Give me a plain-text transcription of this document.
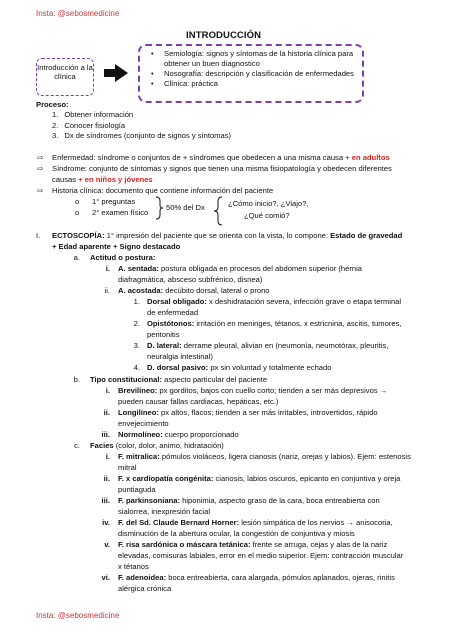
Insta: @sebosmedicine
Insta: @sebosmedicine
INTRODUCCIÓN
Introducción a la clínica
• Semiología: signos y síntomas de la historia clínica para obtener un buen diagnostico
• Nosografía: descripción y clasificación de enfermedades
• Clínica: práctica
Proceso:
1. Obtener información
2. Conocer fisiología
3. Dx de síndromes (conjunto de signos y síntomas)
⇨ Enfermedad: síndrome o conjuntos de + síndromes que obedecen a una misma causa + en adultos
⇨ Síndrome: conjunto de síntomas y signos que tienen una misma fisiopatología y obedecen diferentes
causas + en niños y jóvenes
⇨ Historia clínica: documento que contiene información del paciente
o 1° preguntas
o 2° examen físico
50% del Dx	¿Cómo inicio?, ¿Viajo?,
¿Qué comió?
I. ECTOSCOPÍA: 1° impresión del paciente que se orienta con la vista, lo compone: Estado de gravedad
+ Edad aparente + Signo destacado
a. Actitud o postura:
i. A. sentada: postura obligada en procesos del abdomen superior (hernia
diafragmática, absceso subfrénico, disnea)
ii. A. acostada: decúbito dorsal, lateral o prono
1. Dorsal obligado: x deshidratación severa, infección grave o etapa terminal
de enfermedad
2. Opistótonos: irritación en meninges, tétanos, x estricnina, ascitis, tumores,
peritonitis
3. D. lateral: derrame pleural, alivian en (neumonía, neumotórax, pleuritis,
neuralgia intestinal)
4. D. dorsal pasivo: px sin voluntad y totalmente echado
b. Tipo constitucional: aspecto particular del paciente
i. Brevilíneo: px gorditos, bajos con cuello corto; tienden a ser más depresivos →
pueden causar fallas cardiacas, hepáticas, etc.)
ii. Longilíneo: px altos, flacos; tienden a ser más irritables, introvertidos, rápido
envejecimiento
iii. Normolíneo: cuerpo proporcionado
c. Facies (color, dolor, animo, hidratación)
i. F. mitralica: pómulos violáceos, ligera cianosis (nariz, orejas y labios). Ejem: estenosis
mitral
ii. F. x cardiopatía congénita: cianosis, labios oscuros, epicanto en conjuntiva y oreja
puntiaguda
iii. F. parkinsoniana: hiponimia, aspecto graso de la cara, boca entreabierta con
sialorrea, inexpresión facial
iv. F. del Sd. Claude Bernard Horner: lesión simpática de los nervios → anisocoria,
disminución de la abertura ocular, la congestión de conjuntiva y miosis
v. F. risa sardónica o máscara tetánica: frente se arruga, cejas y alas de la nariz
elevadas, comisuras labiales, error en el medio superior. Ejem: contracción muscular
x tétanos
vi. F. adenoidea: boca entreabierta, cara alargada, pómulos aplanados, ojeras, rinitis
alérgica crónica
